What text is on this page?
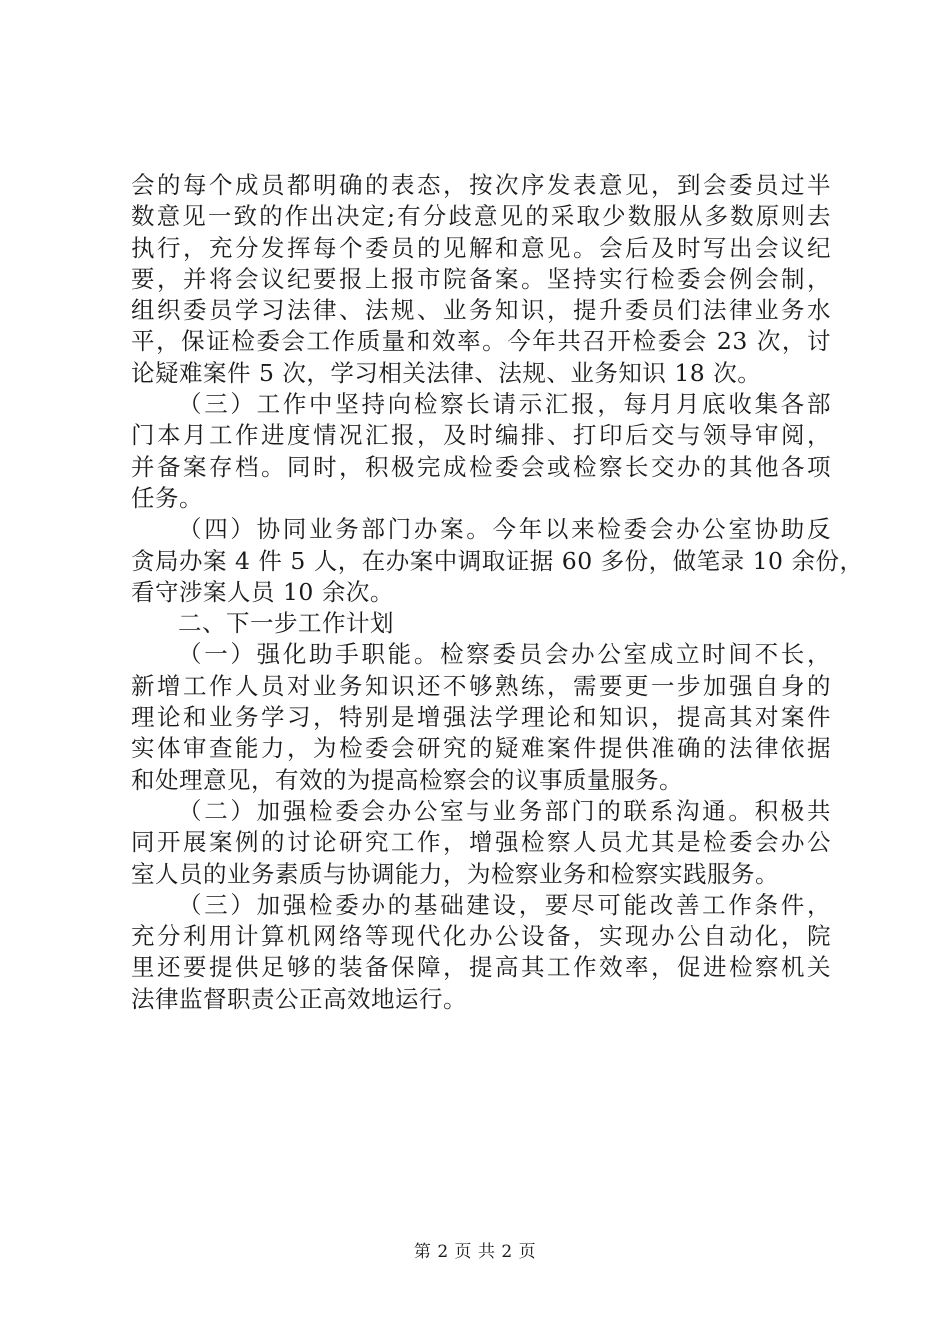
会的每个成员都明确的表态，按次序发表意见，到会委员过半
数意见一致的作出决定;有分歧意见的采取少数服从多数原则去
执行，充分发挥每个委员的见解和意见。会后及时写出会议纪
要，并将会议纪要报上报市院备案。坚持实行检委会例会制，
组织委员学习法律、法规、业务知识，提升委员们法律业务水
平，保证检委会工作质量和效率。今年共召开检委会 23 次，讨
论疑难案件 5 次，学习相关法律、法规、业务知识 18 次。
（三）工作中坚持向检察长请示汇报，每月月底收集各部
门本月工作进度情况汇报，及时编排、打印后交与领导审阅，
并备案存档。同时，积极完成检委会或检察长交办的其他各项
任务。
（四）协同业务部门办案。今年以来检委会办公室协助反
贪局办案 4 件 5 人，在办案中调取证据 60 多份，做笔录 10 余份，
看守涉案人员 10 余次。
二、下一步工作计划
（一）强化助手职能。检察委员会办公室成立时间不长，
新增工作人员对业务知识还不够熟练，需要更一步加强自身的
理论和业务学习，特别是增强法学理论和知识，提高其对案件
实体审查能力，为检委会研究的疑难案件提供准确的法律依据
和处理意见，有效的为提高检察会的议事质量服务。
（二）加强检委会办公室与业务部门的联系沟通。积极共
同开展案例的讨论研究工作，增强检察人员尤其是检委会办公
室人员的业务素质与协调能力，为检察业务和检察实践服务。
（三）加强检委办的基础建设，要尽可能改善工作条件，
充分利用计算机网络等现代化办公设备，实现办公自动化，院
里还要提供足够的装备保障，提高其工作效率，促进检察机关
法律监督职责公正高效地运行。
第 2 页 共 2 页
